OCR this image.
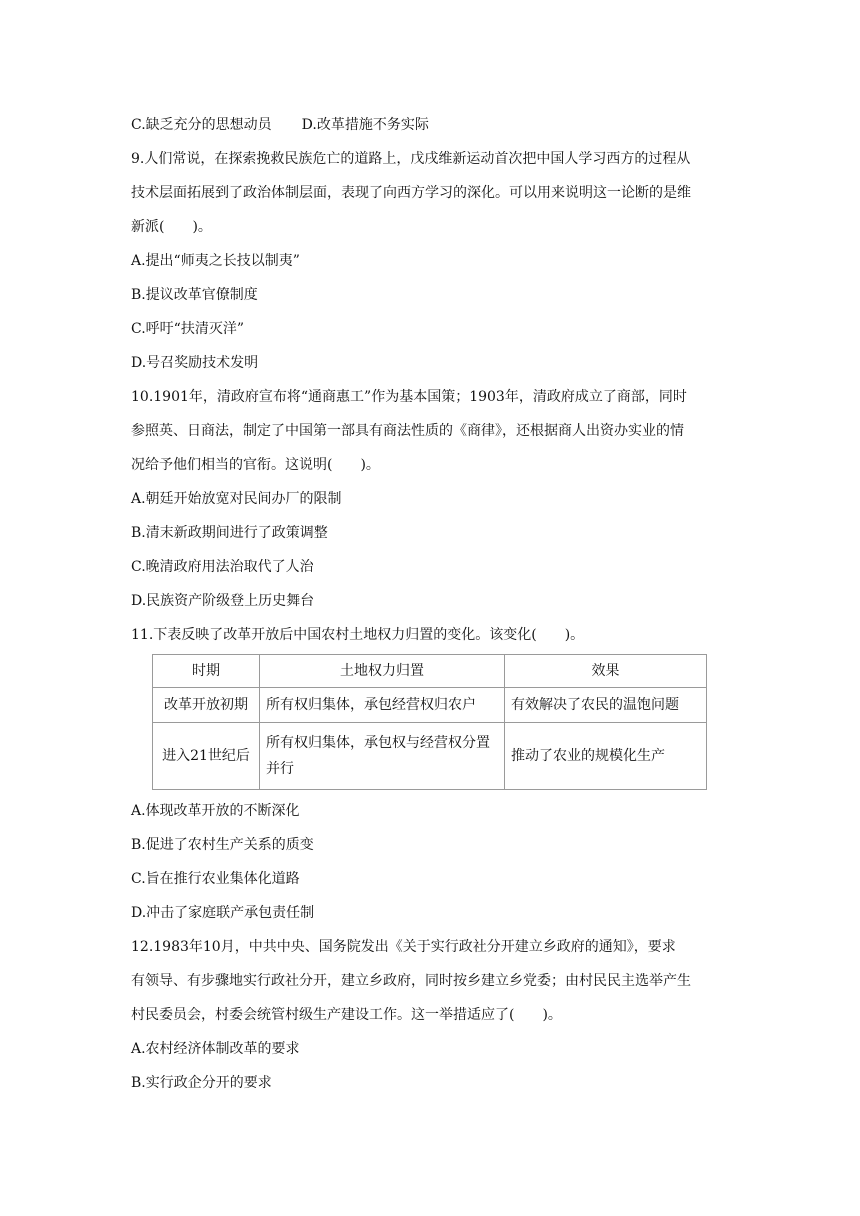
C.缺乏充分的思想动员 D.改革措施不务实际

9.人们常说，在探索挽救民族危亡的道路上，戊戌维新运动首次把中国人学习西方的过程从

技术层面拓展到了政治体制层面，表现了向西方学习的深化。可以用来说明这一论断的是维

新派(　　)。

A.提出“师夷之长技以制夷”

B.提议改革官僚制度

C.呼吁“扶清灭洋”

D.号召奖励技术发明

10.1901年，清政府宣布将“通商惠工”作为基本国策；1903年，清政府成立了商部，同时

参照英、日商法，制定了中国第一部具有商法性质的《商律》，还根据商人出资办实业的情

况给予他们相当的官衔。这说明(　　)。

A.朝廷开始放宽对民间办厂的限制

B.清末新政期间进行了政策调整

C.晚清政府用法治取代了人治

D.民族资产阶级登上历史舞台

11.下表反映了改革开放后中国农村土地权力归置的变化。该变化(　　)。

时期	土地权力归置	效果
改革开放初期	所有权归集体，承包经营权归农户	有效解决了农民的温饱问题
进入21世纪后	所有权归集体，承包权与经营权分置并行	推动了农业的规模化生产

A.体现改革开放的不断深化

B.促进了农村生产关系的质变

C.旨在推行农业集体化道路

D.冲击了家庭联产承包责任制

12.1983年10月，中共中央、国务院发出《关于实行政社分开建立乡政府的通知》，要求

有领导、有步骤地实行政社分开，建立乡政府，同时按乡建立乡党委；由村民民主选举产生

村民委员会，村委会统管村级生产建设工作。这一举措适应了(　　)。

A.农村经济体制改革的要求

B.实行政企分开的要求
